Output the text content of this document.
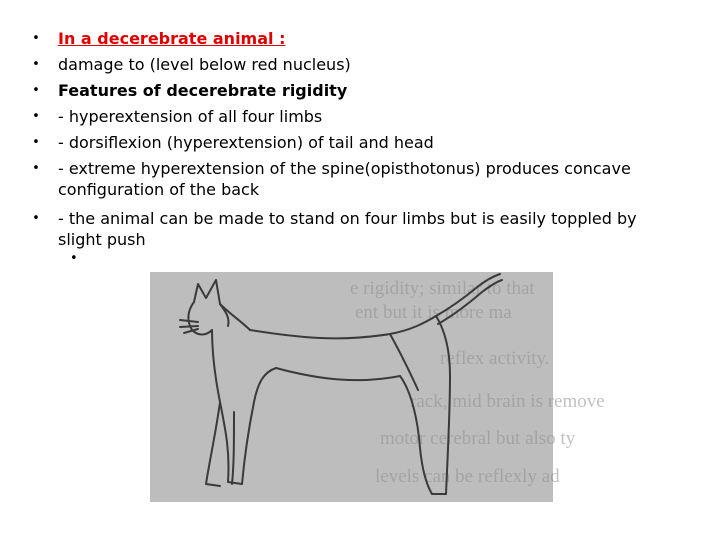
• In a decerebrate animal :
• damage to (level below red nucleus)
• Features of decerebrate rigidity
• - hyperextension of all four limbs
• - dorsiflexion (hyperextension) of tail and head
• - extreme hyperextension of the spine(opisthotonus) produces concave configuration of the back
• - the animal can be made to stand on four limbs but is easily toppled by slight push
•
e rigidity; similar to that
ent but it is more ma
reflex activity.
rack, mid brain is remove
motor cerebral but also ty
levels can be reflexly ad
